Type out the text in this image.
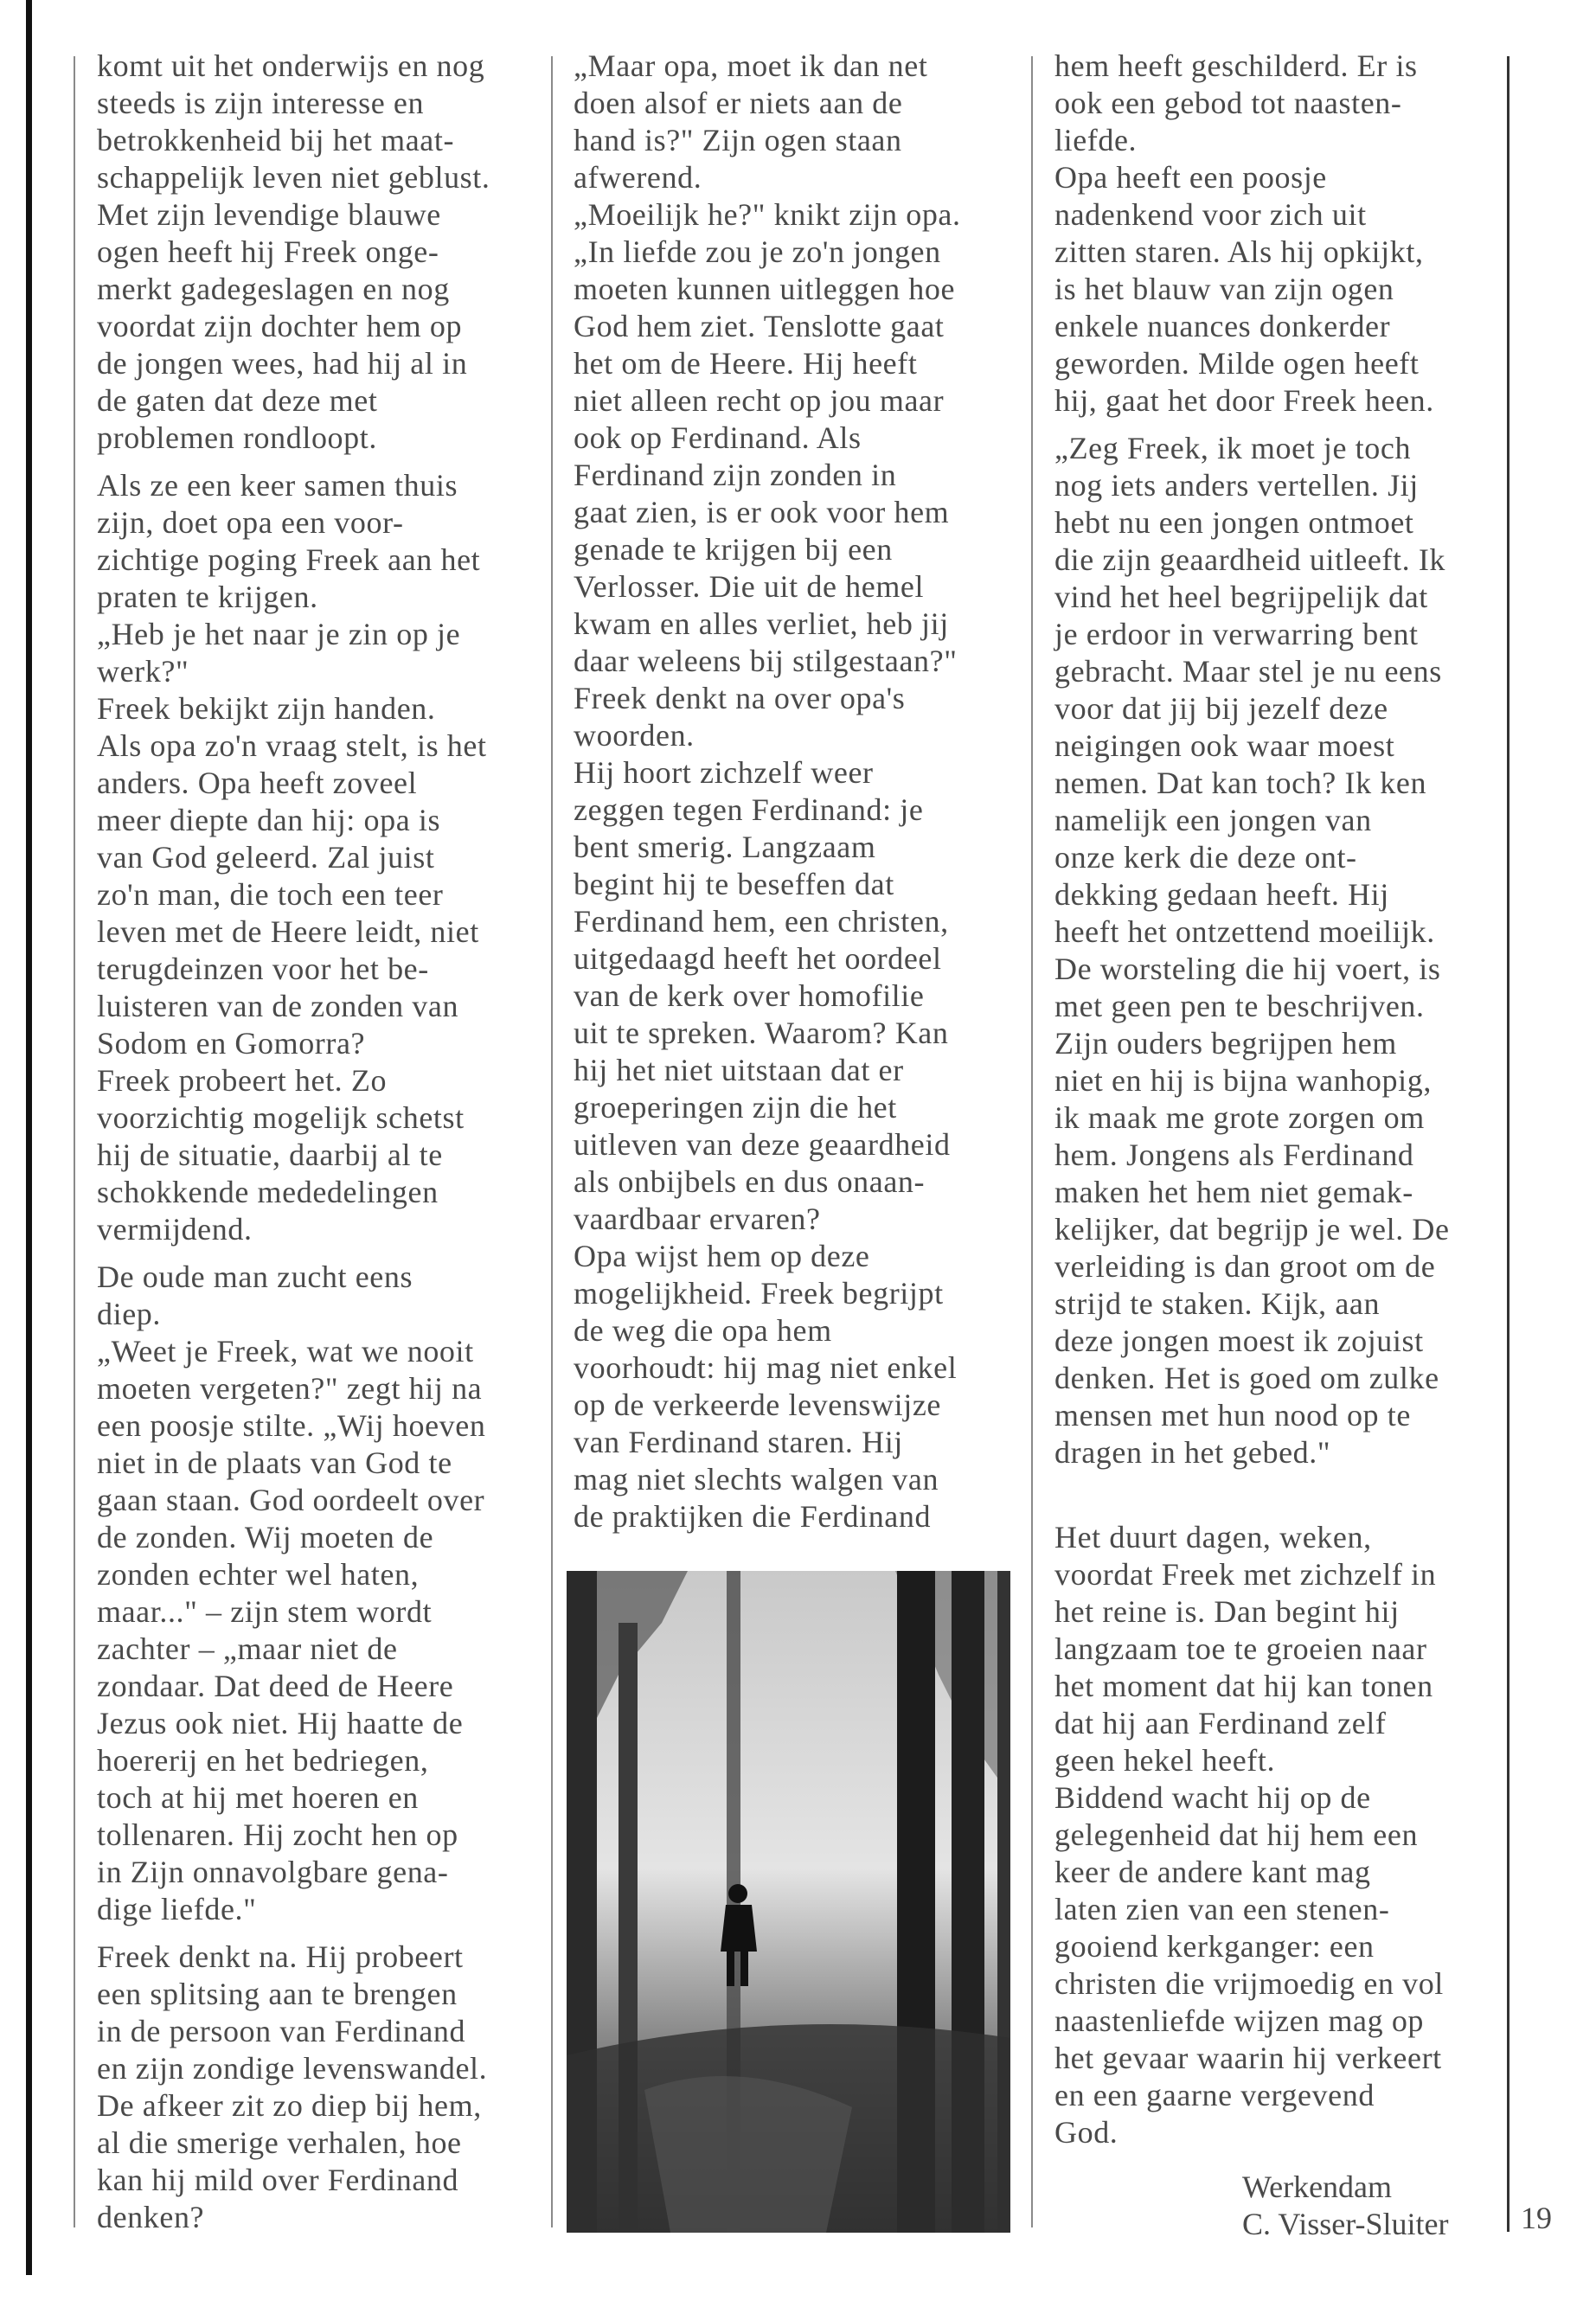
komt uit het onderwijs en nog
steeds is zijn interesse en
betrokkenheid bij het maat-
schappelijk leven niet geblust.
Met zijn levendige blauwe
ogen heeft hij Freek onge-
merkt gadegeslagen en nog
voordat zijn dochter hem op
de jongen wees, had hij al in
de gaten dat deze met
problemen rondloopt.
Als ze een keer samen thuis
zijn, doet opa een voor-
zichtige poging Freek aan het
praten te krijgen.
„Heb je het naar je zin op je
werk?"
Freek bekijkt zijn handen.
Als opa zo'n vraag stelt, is het
anders. Opa heeft zoveel
meer diepte dan hij: opa is
van God geleerd. Zal juist
zo'n man, die toch een teer
leven met de Heere leidt, niet
terugdeinzen voor het be-
luisteren van de zonden van
Sodom en Gomorra?
Freek probeert het. Zo
voorzichtig mogelijk schetst
hij de situatie, daarbij al te
schokkende mededelingen
vermijdend.
De oude man zucht eens
diep.
„Weet je Freek, wat we nooit
moeten vergeten?" zegt hij na
een poosje stilte. „Wij hoeven
niet in de plaats van God te
gaan staan. God oordeelt over
de zonden. Wij moeten de
zonden echter wel haten,
maar..." – zijn stem wordt
zachter – „maar niet de
zondaar. Dat deed de Heere
Jezus ook niet. Hij haatte de
hoererij en het bedriegen,
toch at hij met hoeren en
tollenaren. Hij zocht hen op
in Zijn onnavolgbare gena-
dige liefde."
Freek denkt na. Hij probeert
een splitsing aan te brengen
in de persoon van Ferdinand
en zijn zondige levenswandel.
De afkeer zit zo diep bij hem,
al die smerige verhalen, hoe
kan hij mild over Ferdinand
denken?
„Maar opa, moet ik dan net
doen alsof er niets aan de
hand is?" Zijn ogen staan
afwerend.
„Moeilijk he?" knikt zijn opa.
„In liefde zou je zo'n jongen
moeten kunnen uitleggen hoe
God hem ziet. Tenslotte gaat
het om de Heere. Hij heeft
niet alleen recht op jou maar
ook op Ferdinand. Als
Ferdinand zijn zonden in
gaat zien, is er ook voor hem
genade te krijgen bij een
Verlosser. Die uit de hemel
kwam en alles verliet, heb jij
daar weleens bij stilgestaan?"
Freek denkt na over opa's
woorden.
Hij hoort zichzelf weer
zeggen tegen Ferdinand: je
bent smerig. Langzaam
begint hij te beseffen dat
Ferdinand hem, een christen,
uitgedaagd heeft het oordeel
van de kerk over homofilie
uit te spreken. Waarom? Kan
hij het niet uitstaan dat er
groeperingen zijn die het
uitleven van deze geaardheid
als onbijbels en dus onaan-
vaardbaar ervaren?
Opa wijst hem op deze
mogelijkheid. Freek begrijpt
de weg die opa hem
voorhoudt: hij mag niet enkel
op de verkeerde levenswijze
van Ferdinand staren. Hij
mag niet slechts walgen van
de praktijken die Ferdinand
hem heeft geschilderd. Er is
ook een gebod tot naasten-
liefde.
Opa heeft een poosje
nadenkend voor zich uit
zitten staren. Als hij opkijkt,
is het blauw van zijn ogen
enkele nuances donkerder
geworden. Milde ogen heeft
hij, gaat het door Freek heen.
„Zeg Freek, ik moet je toch
nog iets anders vertellen. Jij
hebt nu een jongen ontmoet
die zijn geaardheid uitleeft. Ik
vind het heel begrijpelijk dat
je erdoor in verwarring bent
gebracht. Maar stel je nu eens
voor dat jij bij jezelf deze
neigingen ook waar moest
nemen. Dat kan toch? Ik ken
namelijk een jongen van
onze kerk die deze ont-
dekking gedaan heeft. Hij
heeft het ontzettend moeilijk.
De worsteling die hij voert, is
met geen pen te beschrijven.
Zijn ouders begrijpen hem
niet en hij is bijna wanhopig,
ik maak me grote zorgen om
hem. Jongens als Ferdinand
maken het hem niet gemak-
kelijker, dat begrijp je wel. De
verleiding is dan groot om de
strijd te staken. Kijk, aan
deze jongen moest ik zojuist
denken. Het is goed om zulke
mensen met hun nood op te
dragen in het gebed."
Het duurt dagen, weken,
voordat Freek met zichzelf in
het reine is. Dan begint hij
langzaam toe te groeien naar
het moment dat hij kan tonen
dat hij aan Ferdinand zelf
geen hekel heeft.
Biddend wacht hij op de
gelegenheid dat hij hem een
keer de andere kant mag
laten zien van een stenen-
gooiend kerkganger: een
christen die vrijmoedig en vol
naastenliefde wijzen mag op
het gevaar waarin hij verkeert
en een gaarne vergevend
God.
Werkendam
C. Visser-Sluiter 19
